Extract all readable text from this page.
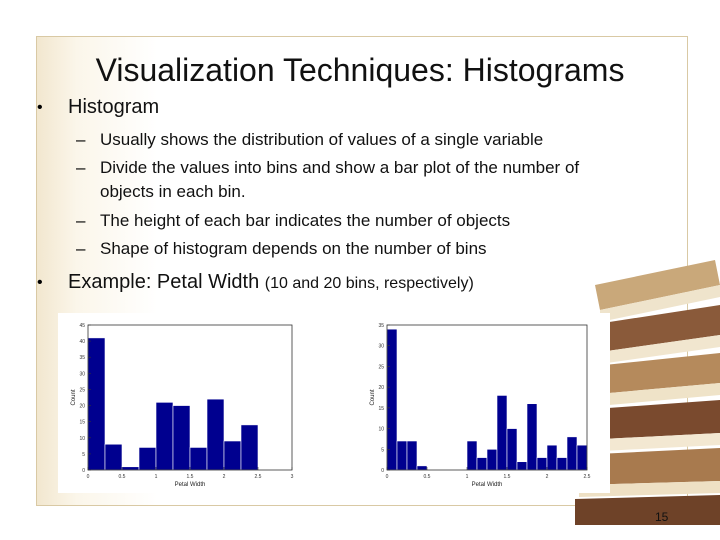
Visualization Techniques: Histograms
• Histogram
– Usually shows the distribution of values of a single variable
– Divide the values into bins and show a bar plot of the number of
objects in each bin.
– The height of each bar indicates the number of objects
– Shape of histogram depends on the number of bins
• Example: Petal Width (10 and 20 bins, respectively)
0
5
10
15
20
25
30
35
40
45
0	0.5	1	1.5	2	2.5	3
Petal Width
Count
0
5
10
15
20
25
30
35
0	0.5	1	1.5	2	2.5
Petal Width
Count
15
